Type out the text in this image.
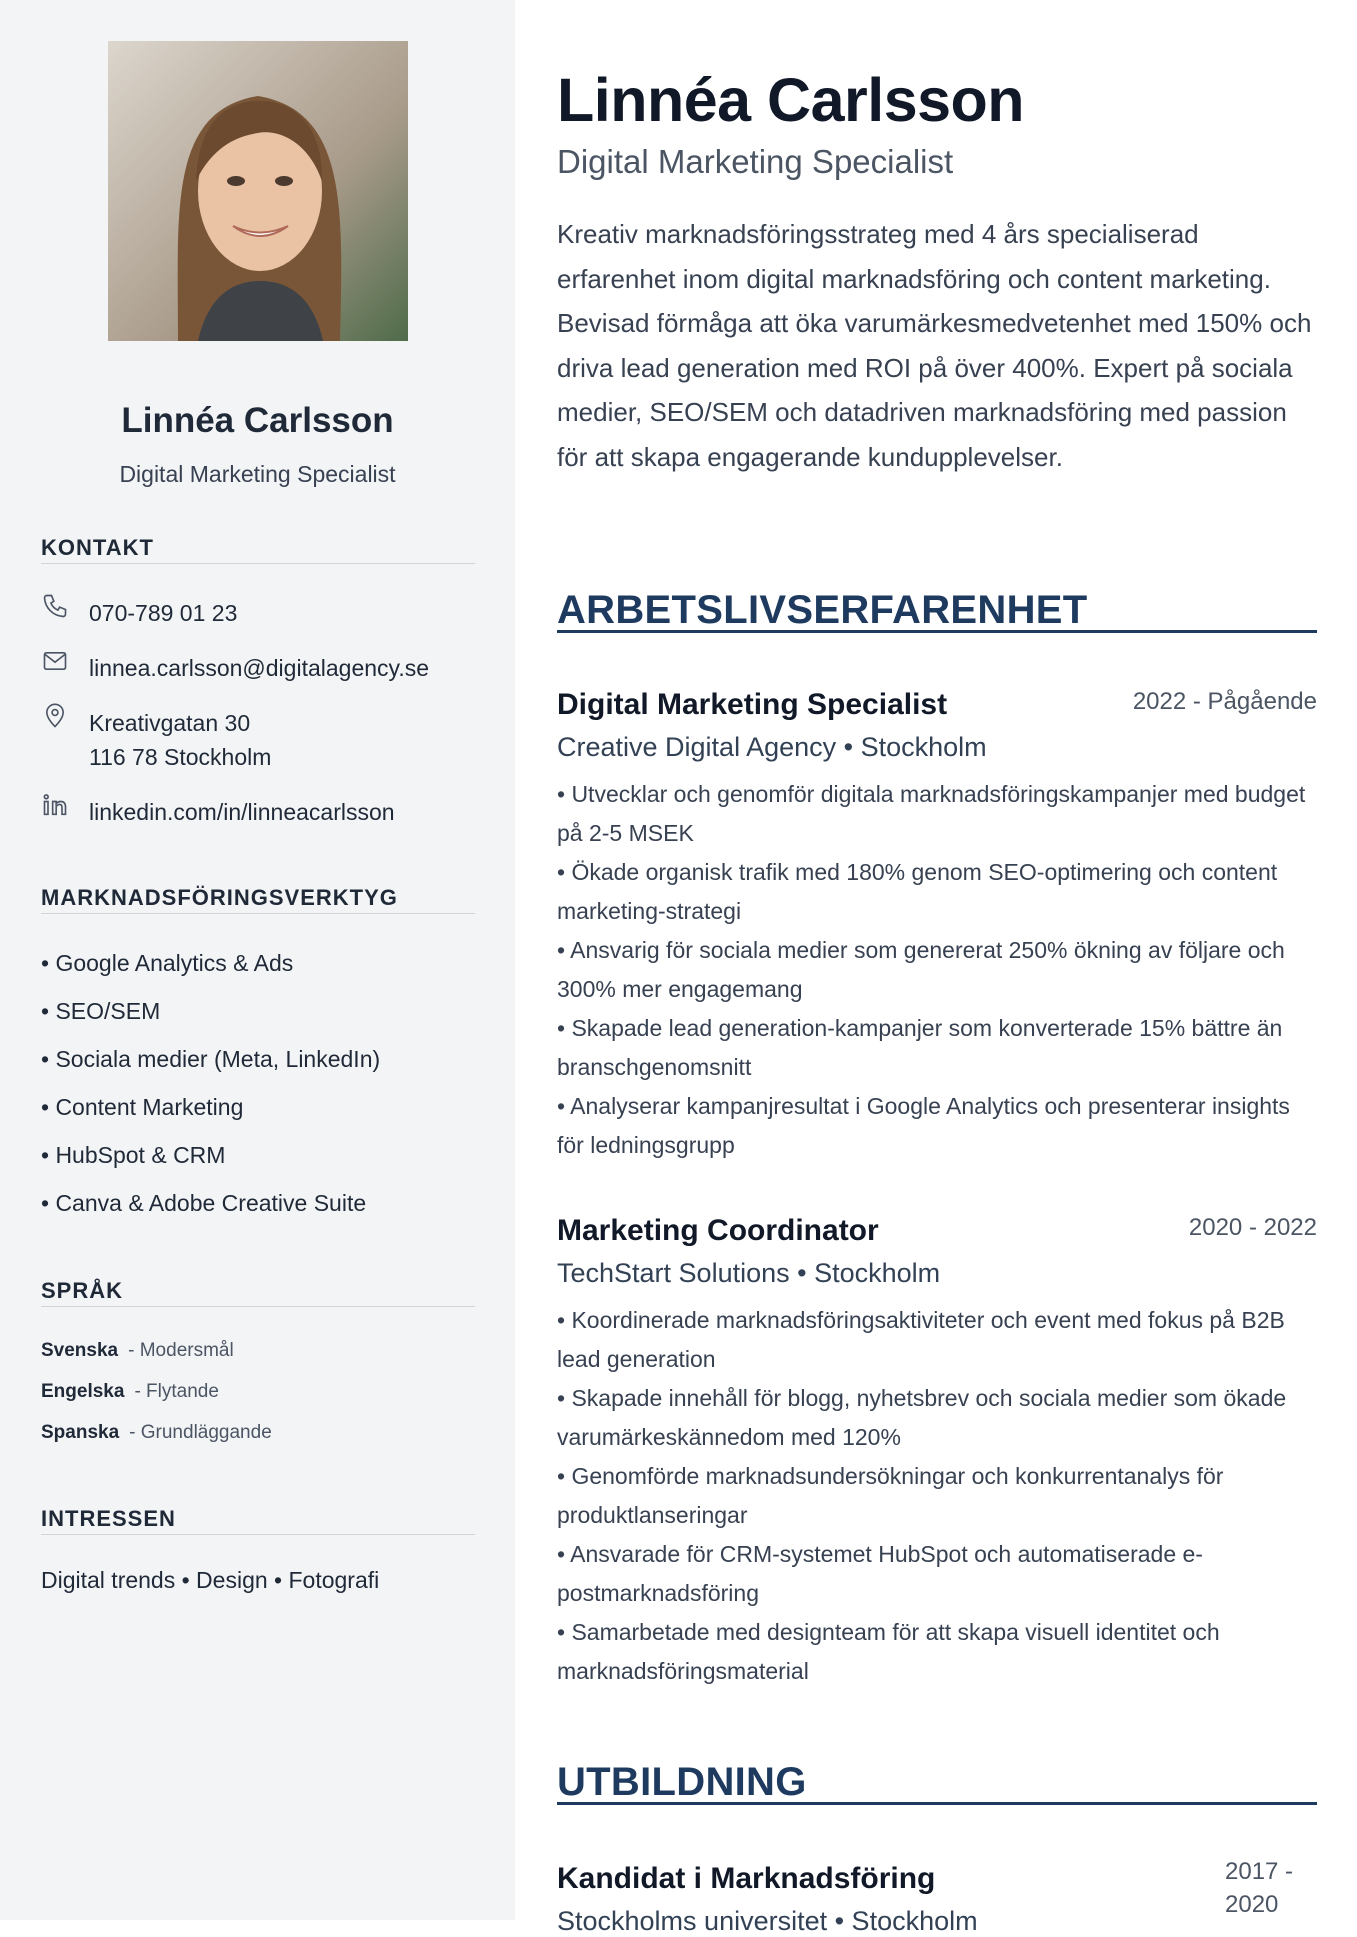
Linnéa Carlsson
Digital Marketing Specialist
KONTAKT
070-789 01 23
linnea.carlsson@digitalagency.se
Kreativgatan 30
116 78 Stockholm
linkedin.com/in/linneacarlsson
MARKNADSFÖRINGSVERKTYG
• Google Analytics & Ads
• SEO/SEM
• Sociala medier (Meta, LinkedIn)
• Content Marketing
• HubSpot & CRM
• Canva & Adobe Creative Suite
SPRÅK
Svenska - Modersmål
Engelska - Flytande
Spanska - Grundläggande
INTRESSEN
Digital trends • Design • Fotografi
Linnéa Carlsson
Digital Marketing Specialist
Kreativ marknadsföringsstrateg med 4 års specialiserad erfarenhet inom digital marknadsföring och content marketing. Bevisad förmåga att öka varumärkesmedvetenhet med 150% och driva lead generation med ROI på över 400%. Expert på sociala medier, SEO/SEM och datadriven marknadsföring med passion för att skapa engagerande kundupplevelser.
ARBETSLIVSERFARENHET
Digital Marketing Specialist	2022 - Pågående
Creative Digital Agency • Stockholm
• Utvecklar och genomför digitala marknadsföringskampanjer med budget på 2-5 MSEK
• Ökade organisk trafik med 180% genom SEO-optimering och content marketing-strategi
• Ansvarig för sociala medier som genererat 250% ökning av följare och 300% mer engagemang
• Skapade lead generation-kampanjer som konverterade 15% bättre än branschgenomsnitt
• Analyserar kampanjresultat i Google Analytics och presenterar insights för ledningsgrupp
Marketing Coordinator	2020 - 2022
TechStart Solutions • Stockholm
• Koordinerade marknadsföringsaktiviteter och event med fokus på B2B lead generation
• Skapade innehåll för blogg, nyhetsbrev och sociala medier som ökade varumärkeskännedom med 120%
• Genomförde marknadsundersökningar och konkurrentanalys för produktlanseringar
• Ansvarade för CRM-systemet HubSpot och automatiserade e-postmarknadsföring
• Samarbetade med designteam för att skapa visuell identitet och marknadsföringsmaterial
UTBILDNING
Kandidat i Marknadsföring
Stockholms universitet • Stockholm
2017 - 2020
